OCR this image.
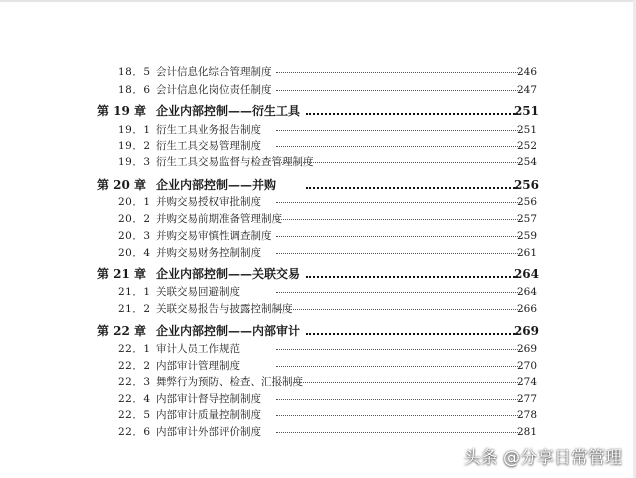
18．5 会计信息化综合管理制度	246
18．6 会计信息化岗位责任制度	247
第 19 章 企业内部控制——衍生工具	251
19．1 衍生工具业务报告制度	251
19．2 衍生工具交易管理制度	252
19．3 衍生工具交易监督与检查管理制度	254
第 20 章 企业内部控制——并购	256
20．1 并购交易授权审批制度	256
20．2 并购交易前期准备管理制度	257
20．3 并购交易审慎性调查制度	259
20．4 并购交易财务控制制度	261
第 21 章 企业内部控制——关联交易	264
21．1 关联交易回避制度	264
21．2 关联交易报告与披露控制制度	266
第 22 章 企业内部控制——内部审计	269
22．1 审计人员工作规范	269
22．2 内部审计管理制度	270
22．3 舞弊行为预防、检查、汇报制度	274
22．4 内部审计督导控制制度	277
22．5 内部审计质量控制制度	278
22．6 内部审计外部评价制度	281
头条 @分享日常管理
